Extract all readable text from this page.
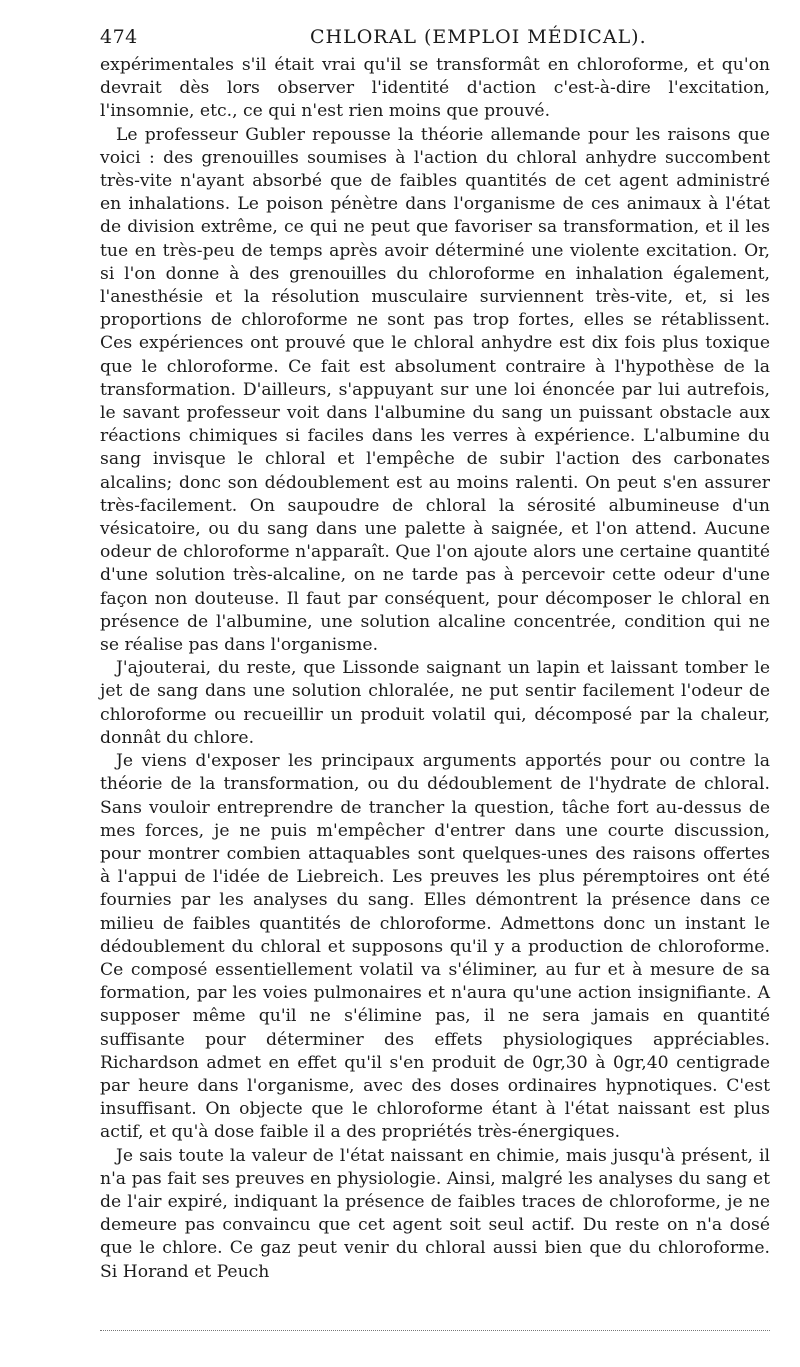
474	CHLORAL (EMPLOI MÉDICAL).

expérimentales s'il était vrai qu'il se transformât en chloroforme, et qu'on devrait dès lors observer l'identité d'action c'est-à-dire l'excitation, l'insomnie, etc., ce qui n'est rien moins que prouvé.

Le professeur Gubler repousse la théorie allemande pour les raisons que voici : des grenouilles soumises à l'action du chloral anhydre succombent très-vite n'ayant absorbé que de faibles quantités de cet agent administré en inhalations. Le poison pénètre dans l'organisme de ces animaux à l'état de division extrême, ce qui ne peut que favoriser sa transformation, et il les tue en très-peu de temps après avoir déterminé une violente excitation. Or, si l'on donne à des grenouilles du chloroforme en inhalation également, l'anesthésie et la résolution musculaire surviennent très-vite, et, si les proportions de chloroforme ne sont pas trop fortes, elles se rétablissent. Ces expériences ont prouvé que le chloral anhydre est dix fois plus toxique que le chloroforme. Ce fait est absolument contraire à l'hypothèse de la transformation. D'ailleurs, s'appuyant sur une loi énoncée par lui autrefois, le savant professeur voit dans l'albumine du sang un puissant obstacle aux réactions chimiques si faciles dans les verres à expérience. L'albumine du sang invisque le chloral et l'empêche de subir l'action des carbonates alcalins; donc son dédoublement est au moins ralenti. On peut s'en assurer très-facilement. On saupoudre de chloral la sérosité albumineuse d'un vésicatoire, ou du sang dans une palette à saignée, et l'on attend. Aucune odeur de chloroforme n'apparaît. Que l'on ajoute alors une certaine quantité d'une solution très-alcaline, on ne tarde pas à percevoir cette odeur d'une façon non douteuse. Il faut par conséquent, pour décomposer le chloral en présence de l'albumine, une solution alcaline concentrée, condition qui ne se réalise pas dans l'organisme.

J'ajouterai, du reste, que Lissonde saignant un lapin et laissant tomber le jet de sang dans une solution chloralée, ne put sentir facilement l'odeur de chloroforme ou recueillir un produit volatil qui, décomposé par la chaleur, donnât du chlore.

Je viens d'exposer les principaux arguments apportés pour ou contre la théorie de la transformation, ou du dédoublement de l'hydrate de chloral. Sans vouloir entreprendre de trancher la question, tâche fort au-dessus de mes forces, je ne puis m'empêcher d'entrer dans une courte discussion, pour montrer combien attaquables sont quelques-unes des raisons offertes à l'appui de l'idée de Liebreich. Les preuves les plus péremptoires ont été fournies par les analyses du sang. Elles démontrent la présence dans ce milieu de faibles quantités de chloroforme. Admettons donc un instant le dédoublement du chloral et supposons qu'il y a production de chloroforme. Ce composé essentiellement volatil va s'éliminer, au fur et à mesure de sa formation, par les voies pulmonaires et n'aura qu'une action insignifiante. A supposer même qu'il ne s'élimine pas, il ne sera jamais en quantité suffisante pour déterminer des effets physiologiques appréciables. Richardson admet en effet qu'il s'en produit de 0gr,30 à 0gr,40 centigrade par heure dans l'organisme, avec des doses ordinaires hypnotiques. C'est insuffisant. On objecte que le chloroforme étant à l'état naissant est plus actif, et qu'à dose faible il a des propriétés très-énergiques.

Je sais toute la valeur de l'état naissant en chimie, mais jusqu'à présent, il n'a pas fait ses preuves en physiologie. Ainsi, malgré les analyses du sang et de l'air expiré, indiquant la présence de faibles traces de chloroforme, je ne demeure pas convaincu que cet agent soit seul actif. Du reste on n'a dosé que le chlore. Ce gaz peut venir du chloral aussi bien que du chloroforme. Si Horand et Peuch
